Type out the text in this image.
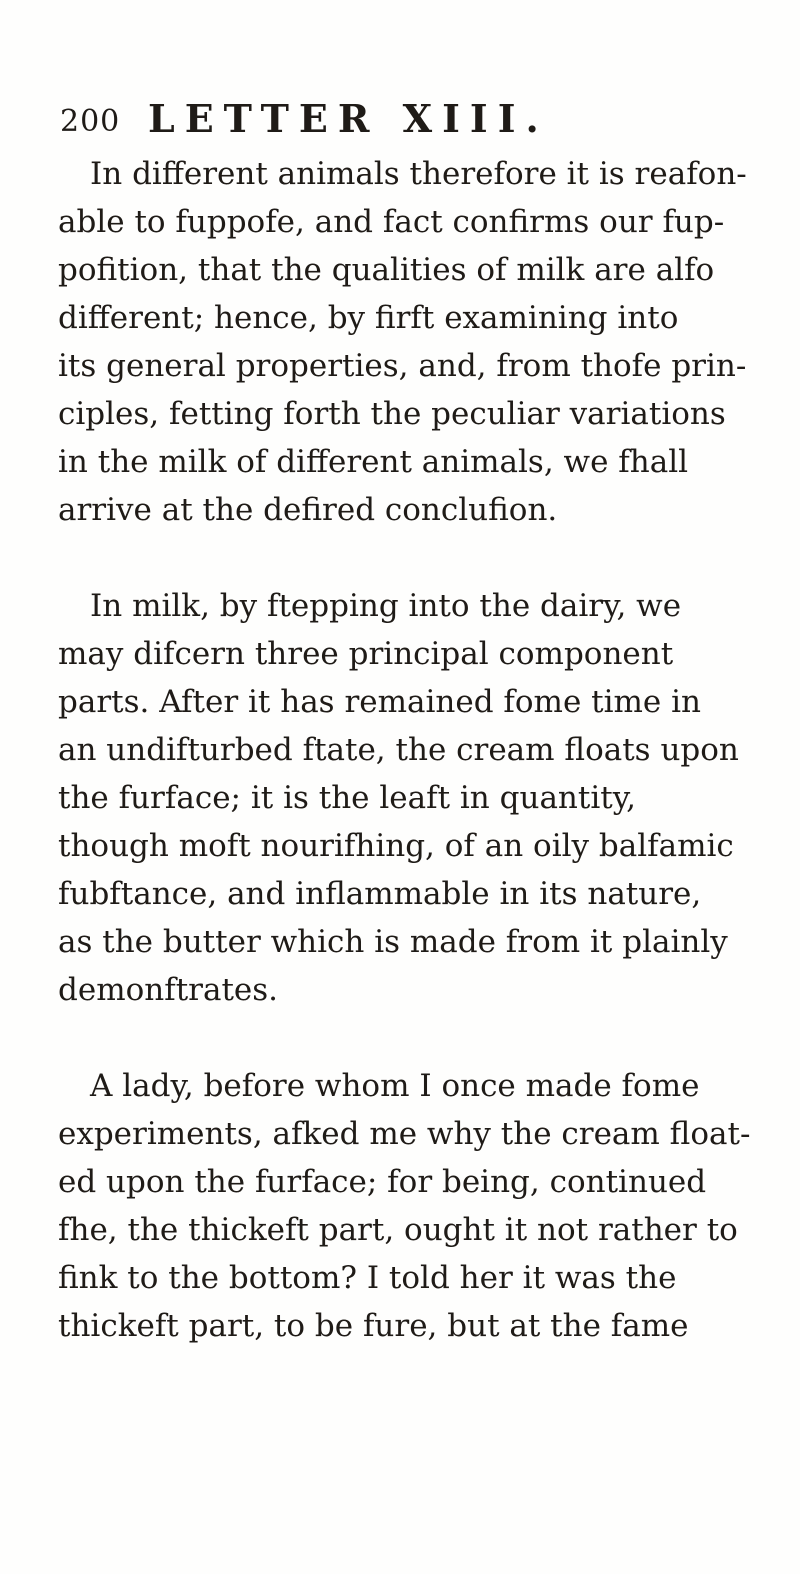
200 LETTER XIII.

In different animals therefore it is reafon-
able to fuppofe, and fact confirms our fup-
pofition, that the qualities of milk are alfo
different; hence, by firft examining into
its general properties, and, from thofe prin-
ciples, fetting forth the peculiar variations
in the milk of different animals, we fhall
arrive at the defired conclufion.

In milk, by ftepping into the dairy, we
may difcern three principal component
parts. After it has remained fome time in
an undifturbed ftate, the cream floats upon
the furface; it is the leaft in quantity,
though moft nourifhing, of an oily balfamic
fubftance, and inflammable in its nature,
as the butter which is made from it plainly
demonftrates.

A lady, before whom I once made fome
experiments, afked me why the cream float-
ed upon the furface; for being, continued
fhe, the thickeft part, ought it not rather to
fink to the bottom? I told her it was the
thickeft part, to be fure, but at the fame
